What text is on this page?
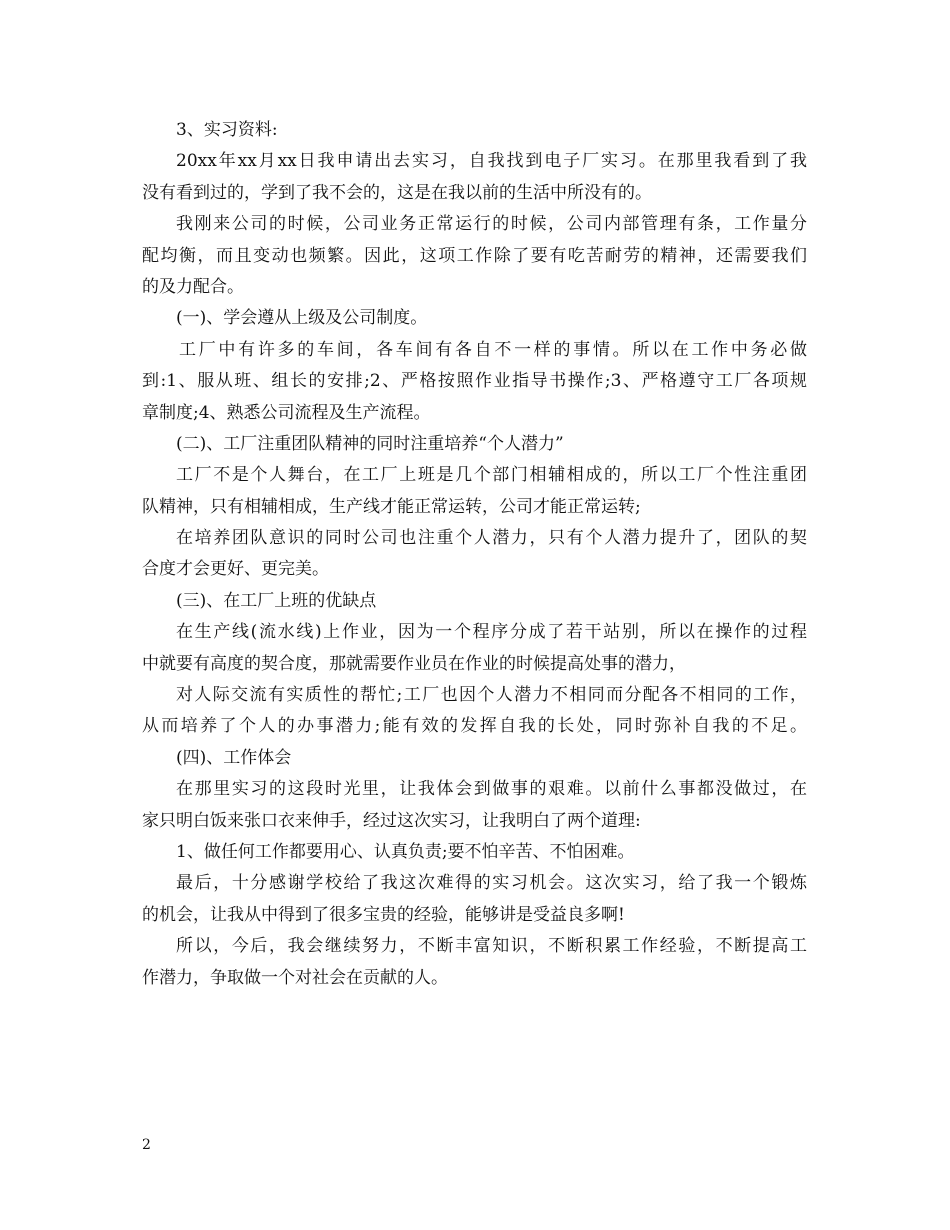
3、实习资料:
20xx年xx月xx日我申请出去实习，自我找到电子厂实习。在那里我看到了我
没有看到过的，学到了我不会的，这是在我以前的生活中所没有的。
我刚来公司的时候，公司业务正常运行的时候，公司内部管理有条，工作量分
配均衡，而且变动也频繁。因此，这项工作除了要有吃苦耐劳的精神，还需要我们
的及力配合。
(一)、学会遵从上级及公司制度。
工厂中有许多的车间，各车间有各自不一样的事情。所以在工作中务必做
到:1、服从班、组长的安排;2、严格按照作业指导书操作;3、严格遵守工厂各项规
章制度;4、熟悉公司流程及生产流程。
(二)、工厂注重团队精神的同时注重培养“个人潜力”
工厂不是个人舞台，在工厂上班是几个部门相辅相成的，所以工厂个性注重团
队精神，只有相辅相成，生产线才能正常运转，公司才能正常运转;
在培养团队意识的同时公司也注重个人潜力，只有个人潜力提升了，团队的契
合度才会更好、更完美。
(三)、在工厂上班的优缺点
在生产线(流水线)上作业，因为一个程序分成了若干站别，所以在操作的过程
中就要有高度的契合度，那就需要作业员在作业的时候提高处事的潜力，
对人际交流有实质性的帮忙;工厂也因个人潜力不相同而分配各不相同的工作，
从而培养了个人的办事潜力;能有效的发挥自我的长处，同时弥补自我的不足。
(四)、工作体会
在那里实习的这段时光里，让我体会到做事的艰难。以前什么事都没做过，在
家只明白饭来张口衣来伸手，经过这次实习，让我明白了两个道理:
1、做任何工作都要用心、认真负责;要不怕辛苦、不怕困难。
最后，十分感谢学校给了我这次难得的实习机会。这次实习，给了我一个锻炼
的机会，让我从中得到了很多宝贵的经验，能够讲是受益良多啊!
所以，今后，我会继续努力，不断丰富知识，不断积累工作经验，不断提高工
作潜力，争取做一个对社会在贡献的人。
2
